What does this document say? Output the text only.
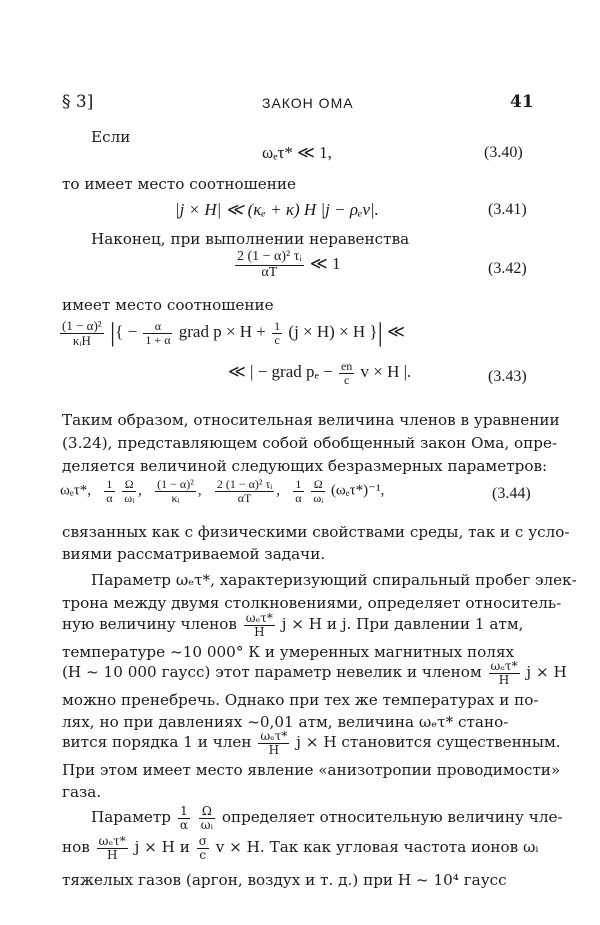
§ 3]	ЗАКОН ОМА	41
Если
ωₑτ* ≪ 1,	(3.40)
то имеет место соотношение
|j × H| ≪ (κₑ + κ) H |j − ρₑv|.	(3.41)
Наконец, при выполнении неравенства
$\frac{\text{2 (1 − α)² τᵢ}}{\alpha T}$ ≪ 1	(3.42)
имеет место соотношение
$\frac{\text{(1 − α)²}}{\text{κᵢH}}$ |{ − $\frac{\alpha}{1 + \alpha}$ grad $p \times H + \frac{1}{c} (j \times H) \times H$ }| ≪
≪ | − grad $p_e - \frac{en}{c}$ v × H |.	(3.43)
Таким образом, относительная величина членов в уравнении
(3.24), представляющем собой обобщенный закон Ома, опре-
деляется величиной следующих безразмерных параметров:
ωₑτ*, $\frac{1}{\alpha}$
$\frac{\Omega}{\text{ωᵢ}}$ , $\frac{\text{(1 − α)²}}{\text{κᵢ}}$ , $\frac{\text{2 (1 − α)² τᵢ}}{\alpha T}$ , $\frac{1}{\alpha}$
$\frac{\Omega}{\text{ωᵢ}} (\omega_e\tau*)^{-1}$,	(3.44)
связанных как с физическими свойствами среды, так и с усло-
виями рассматриваемой задачи.
Параметр ωₑτ*, характеризующий спиральный пробег элек-
трона между двумя столкновениями, определяет относитель-
ную величину членов $\frac{\text{ωₑτ*}}{H}$ j × H и j. При давлении 1 атм,
температуре ~10 000° К и умеренных магнитных полях
(H ~ 10 000 гаусс) этот параметр невелик и членом $\frac{\text{ωₑτ*}}{H}$ j × H
можно пренебречь. Однако при тех же температурах и по-
лях, но при давлениях ~0,01 атм, величина ωₑτ* стано-
вится порядка 1 и член $\frac{\text{ωₑτ*}}{H}$ j × H становится существенным.
При этом имеет место явление «анизотропии проводимости»
газа.
Параметр $\frac{1}{\alpha}$
$\frac{\Omega}{\text{ωᵢ}}$ определяет относительную величину чле-
нов $\frac{\text{ωₑτ*}}{H}$ j × H и $\frac{\sigma}{c}$ v × H. Так как угловая частота ионов ωᵢ
тяжелых газов (аргон, воздух и т. д.) при H ~ 10⁴ гаусс
